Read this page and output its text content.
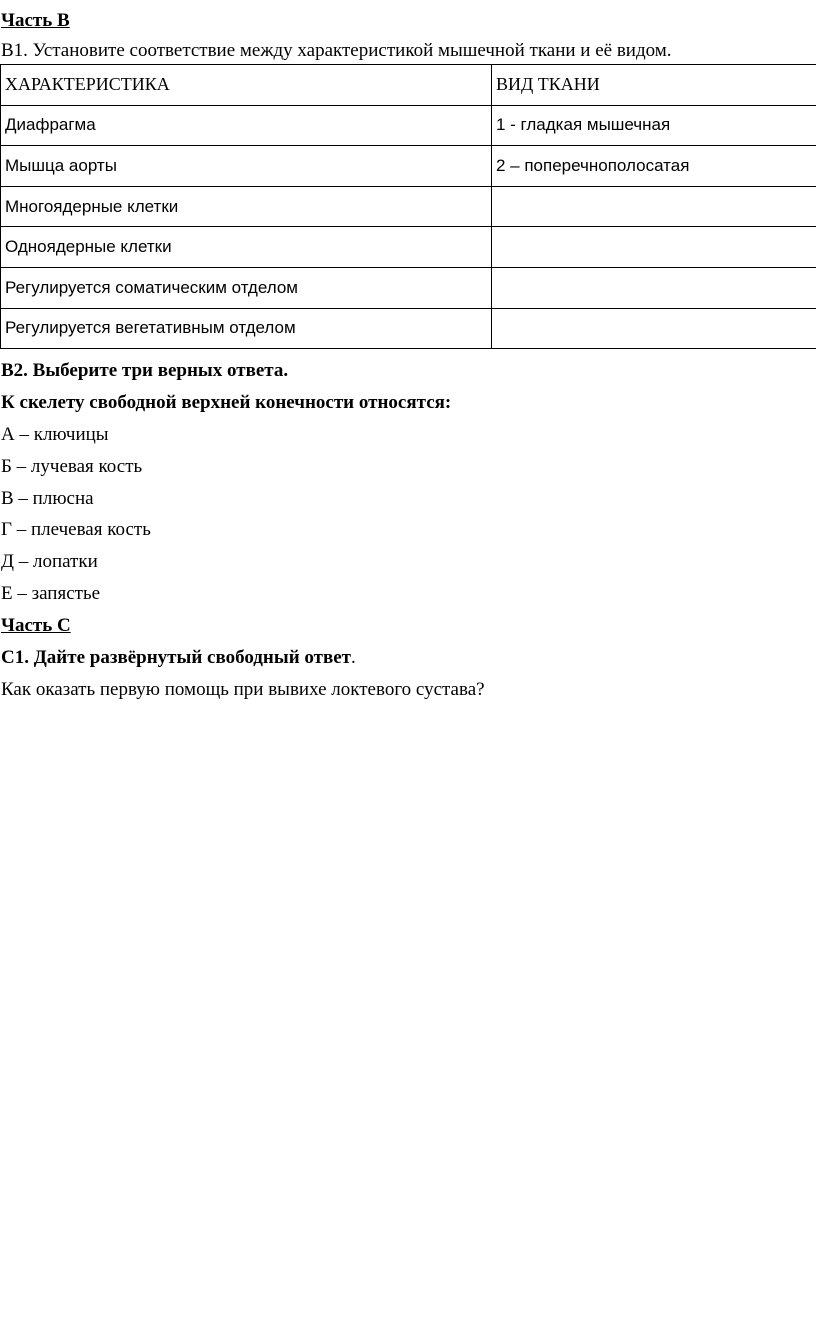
Часть В
В1. Установите соответствие между характеристикой мышечной ткани и её видом.
ХАРАКТЕРИСТИКА	ВИД ТКАНИ
Диафрагма	1 - гладкая мышечная
Мышца аорты	2 – поперечнополосатая
Многоядерные клетки	
Одноядерные клетки	
Регулируется соматическим отделом	
Регулируется вегетативным отделом	
В2. Выберите три верных ответа.
К скелету свободной верхней конечности относятся:
А – ключицы
Б – лучевая кость
В – плюсна
Г – плечевая кость
Д – лопатки
Е – запястье
Часть С
С1. Дайте развёрнутый свободный ответ.
Как оказать первую помощь при вывихе локтевого сустава?
